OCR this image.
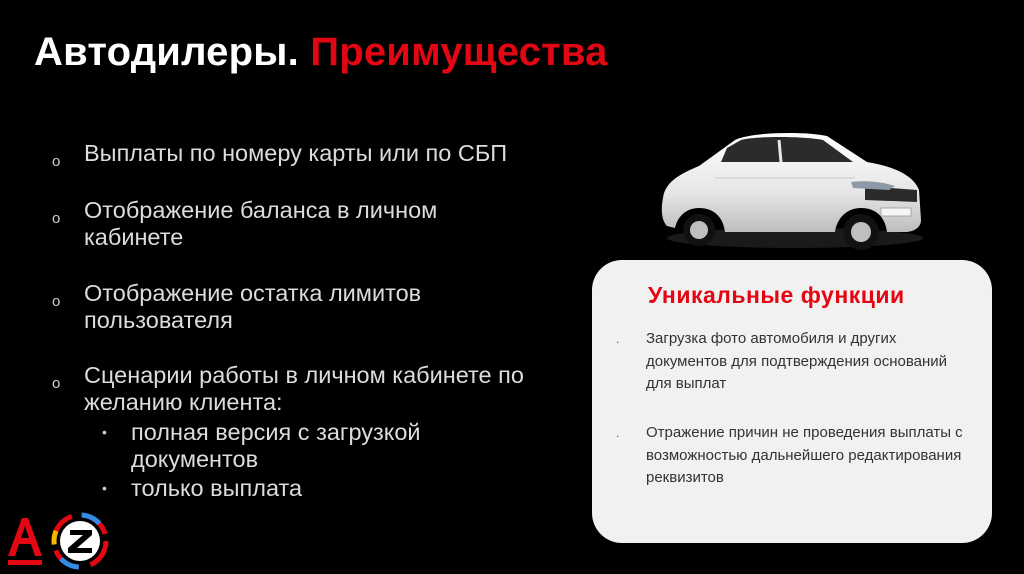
Автодилеры. Преимущества
o	Выплаты по номеру карты или по СБП
o	Отображение баланса в личном кабинете
o	Отображение остатка лимитов пользователя
o	Сценарии работы в личном кабинете по желанию клиента:
•	полная версия с загрузкой документов
•	только выплата
Уникальные функции
.	Загрузка фото автомобиля и других документов для подтверждения оснований для выплат
.	Отражение причин не проведения выплаты с возможностью дальнейшего редактирования реквизитов
